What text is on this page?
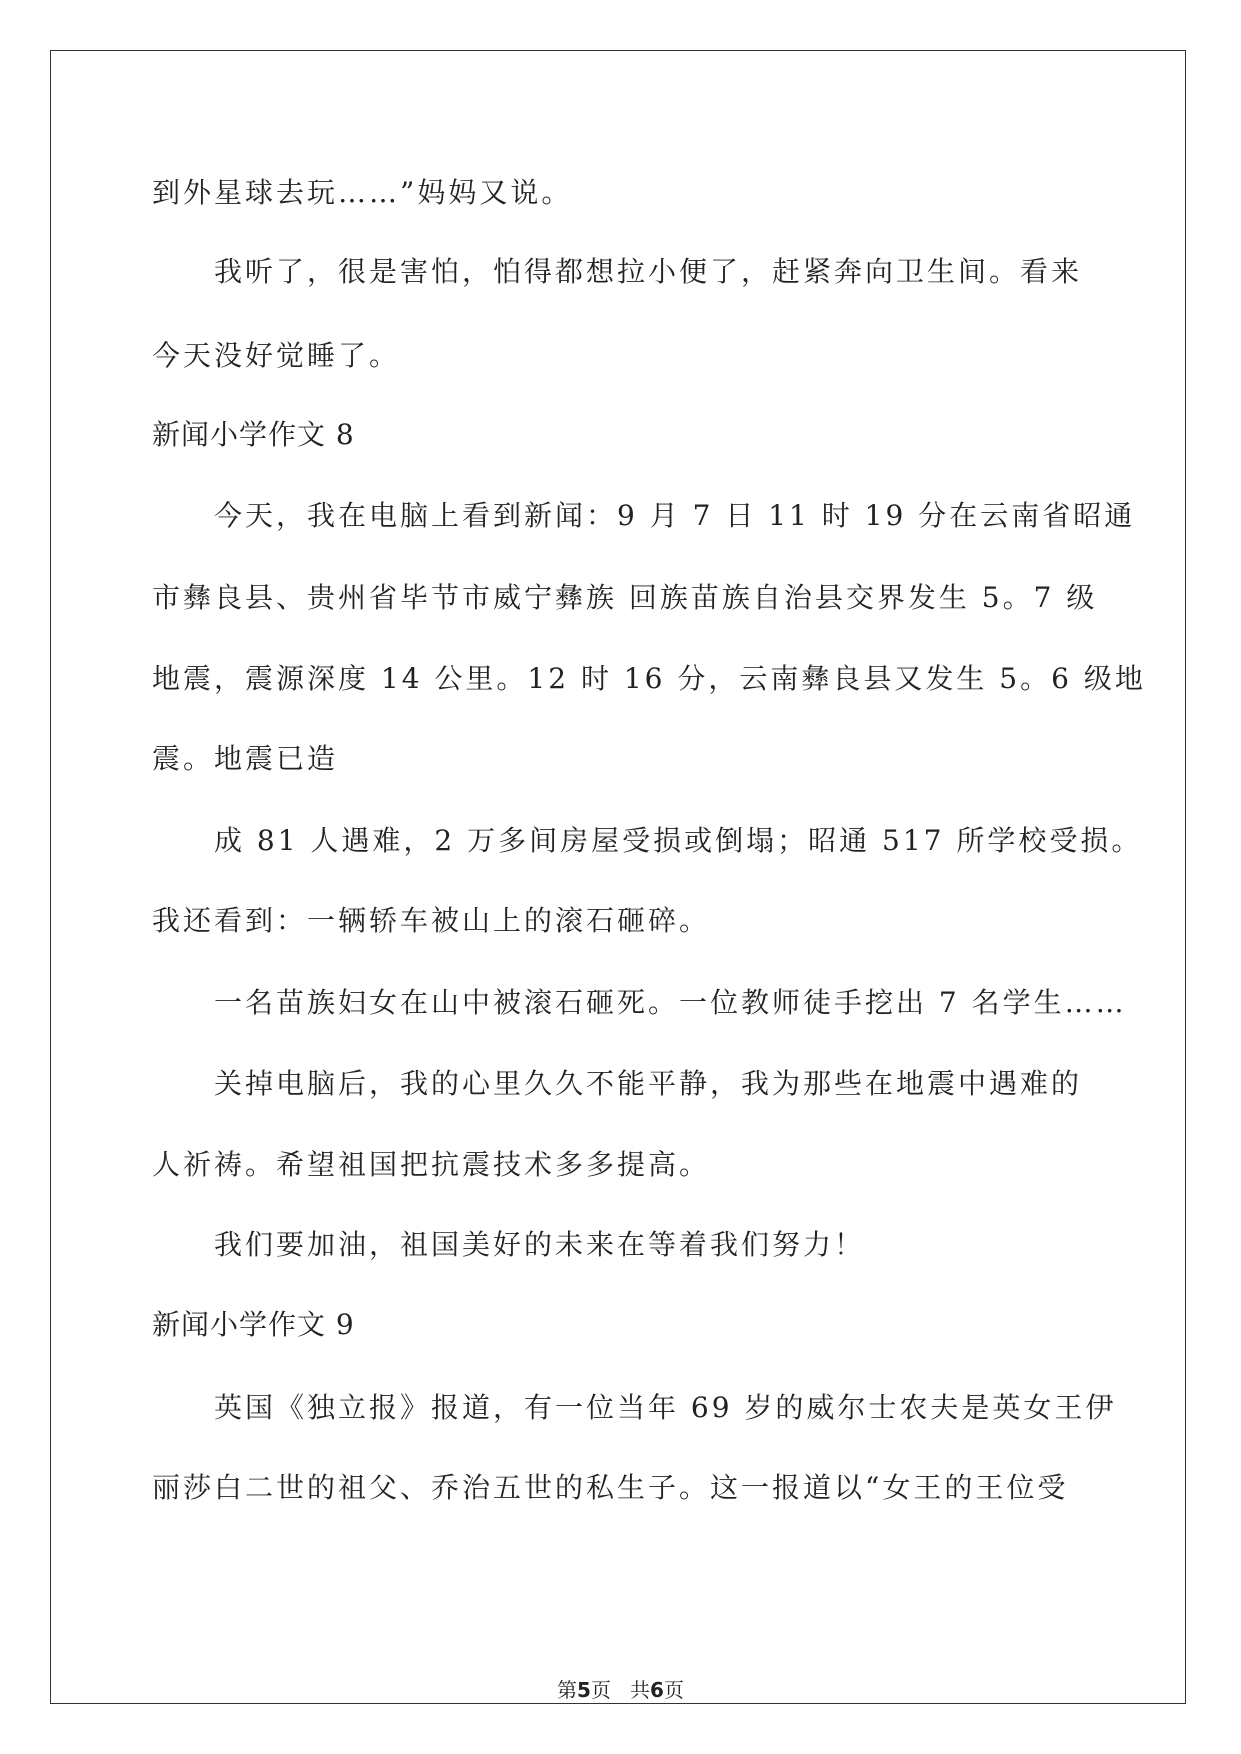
到外星球去玩……”妈妈又说。
我听了，很是害怕，怕得都想拉小便了，赶紧奔向卫生间。看来
今天没好觉睡了。
新闻小学作文 8
今天，我在电脑上看到新闻：9 月 7 日 11 时 19 分在云南省昭通
市彝良县、贵州省毕节市威宁彝族 回族苗族自治县交界发生 5。7 级
地震，震源深度 14 公里。12 时 16 分，云南彝良县又发生 5。6 级地
震。地震已造
成 81 人遇难，2 万多间房屋受损或倒塌；昭通 517 所学校受损。
我还看到：一辆轿车被山上的滚石砸碎。
一名苗族妇女在山中被滚石砸死。一位教师徒手挖出 7 名学生……
关掉电脑后，我的心里久久不能平静，我为那些在地震中遇难的
人祈祷。希望祖国把抗震技术多多提高。
我们要加油，祖国美好的未来在等着我们努力！
新闻小学作文 9
英国《独立报》报道，有一位当年 69 岁的威尔士农夫是英女王伊
丽莎白二世的祖父、乔治五世的私生子。这一报道以“女王的王位受
第5页   共6页
